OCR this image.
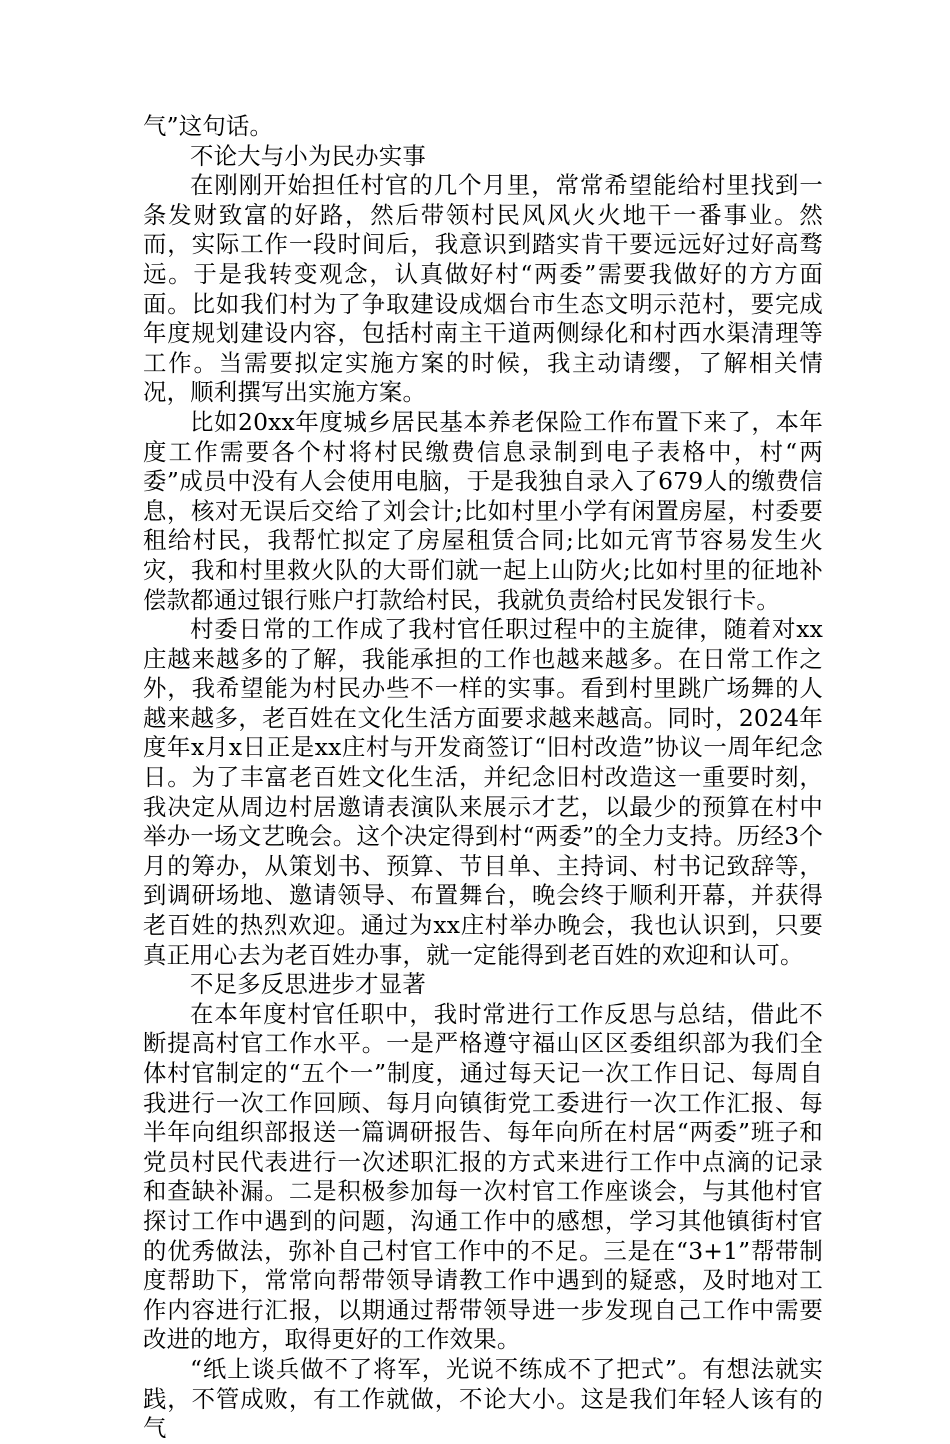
气”这句话。

不论大与小为民办实事

在刚刚开始担任村官的几个月里，常常希望能给村里找到一条发财致富的好路，然后带领村民风风火火地干一番事业。然而，实际工作一段时间后，我意识到踏实肯干要远远好过好高骛远。于是我转变观念，认真做好村“两委”需要我做好的方方面面。比如我们村为了争取建设成烟台市生态文明示范村，要完成年度规划建设内容，包括村南主干道两侧绿化和村西水渠清理等工作。当需要拟定实施方案的时候，我主动请缨，了解相关情况，顺利撰写出实施方案。

比如20xx年度城乡居民基本养老保险工作布置下来了，本年度工作需要各个村将村民缴费信息录制到电子表格中，村“两委”成员中没有人会使用电脑，于是我独自录入了679人的缴费信息，核对无误后交给了刘会计;比如村里小学有闲置房屋，村委要租给村民，我帮忙拟定了房屋租赁合同;比如元宵节容易发生火灾，我和村里救火队的大哥们就一起上山防火;比如村里的征地补偿款都通过银行账户打款给村民，我就负责给村民发银行卡。

村委日常的工作成了我村官任职过程中的主旋律，随着对xx庄越来越多的了解，我能承担的工作也越来越多。在日常工作之外，我希望能为村民办些不一样的实事。看到村里跳广场舞的人越来越多，老百姓在文化生活方面要求越来越高。同时，2024年度年x月x日正是xx庄村与开发商签订“旧村改造”协议一周年纪念日。为了丰富老百姓文化生活，并纪念旧村改造这一重要时刻，我决定从周边村居邀请表演队来展示才艺，以最少的预算在村中举办一场文艺晚会。这个决定得到村“两委”的全力支持。历经3个月的筹办，从策划书、预算、节目单、主持词、村书记致辞等，到调研场地、邀请领导、布置舞台，晚会终于顺利开幕，并获得老百姓的热烈欢迎。通过为xx庄村举办晚会，我也认识到，只要真正用心去为老百姓办事，就一定能得到老百姓的欢迎和认可。

不足多反思进步才显著

在本年度村官任职中，我时常进行工作反思与总结，借此不断提高村官工作水平。一是严格遵守福山区区委组织部为我们全体村官制定的“五个一”制度，通过每天记一次工作日记、每周自我进行一次工作回顾、每月向镇街党工委进行一次工作汇报、每半年向组织部报送一篇调研报告、每年向所在村居“两委”班子和党员村民代表进行一次述职汇报的方式来进行工作中点滴的记录和查缺补漏。二是积极参加每一次村官工作座谈会，与其他村官探讨工作中遇到的问题，沟通工作中的感想，学习其他镇街村官的优秀做法，弥补自己村官工作中的不足。三是在“3+1”帮带制度帮助下，常常向帮带领导请教工作中遇到的疑惑，及时地对工作内容进行汇报，以期通过帮带领导进一步发现自己工作中需要改进的地方，取得更好的工作效果。

“纸上谈兵做不了将军，光说不练成不了把式”。有想法就实践，不管成败，有工作就做，不论大小。这是我们年轻人该有的气
